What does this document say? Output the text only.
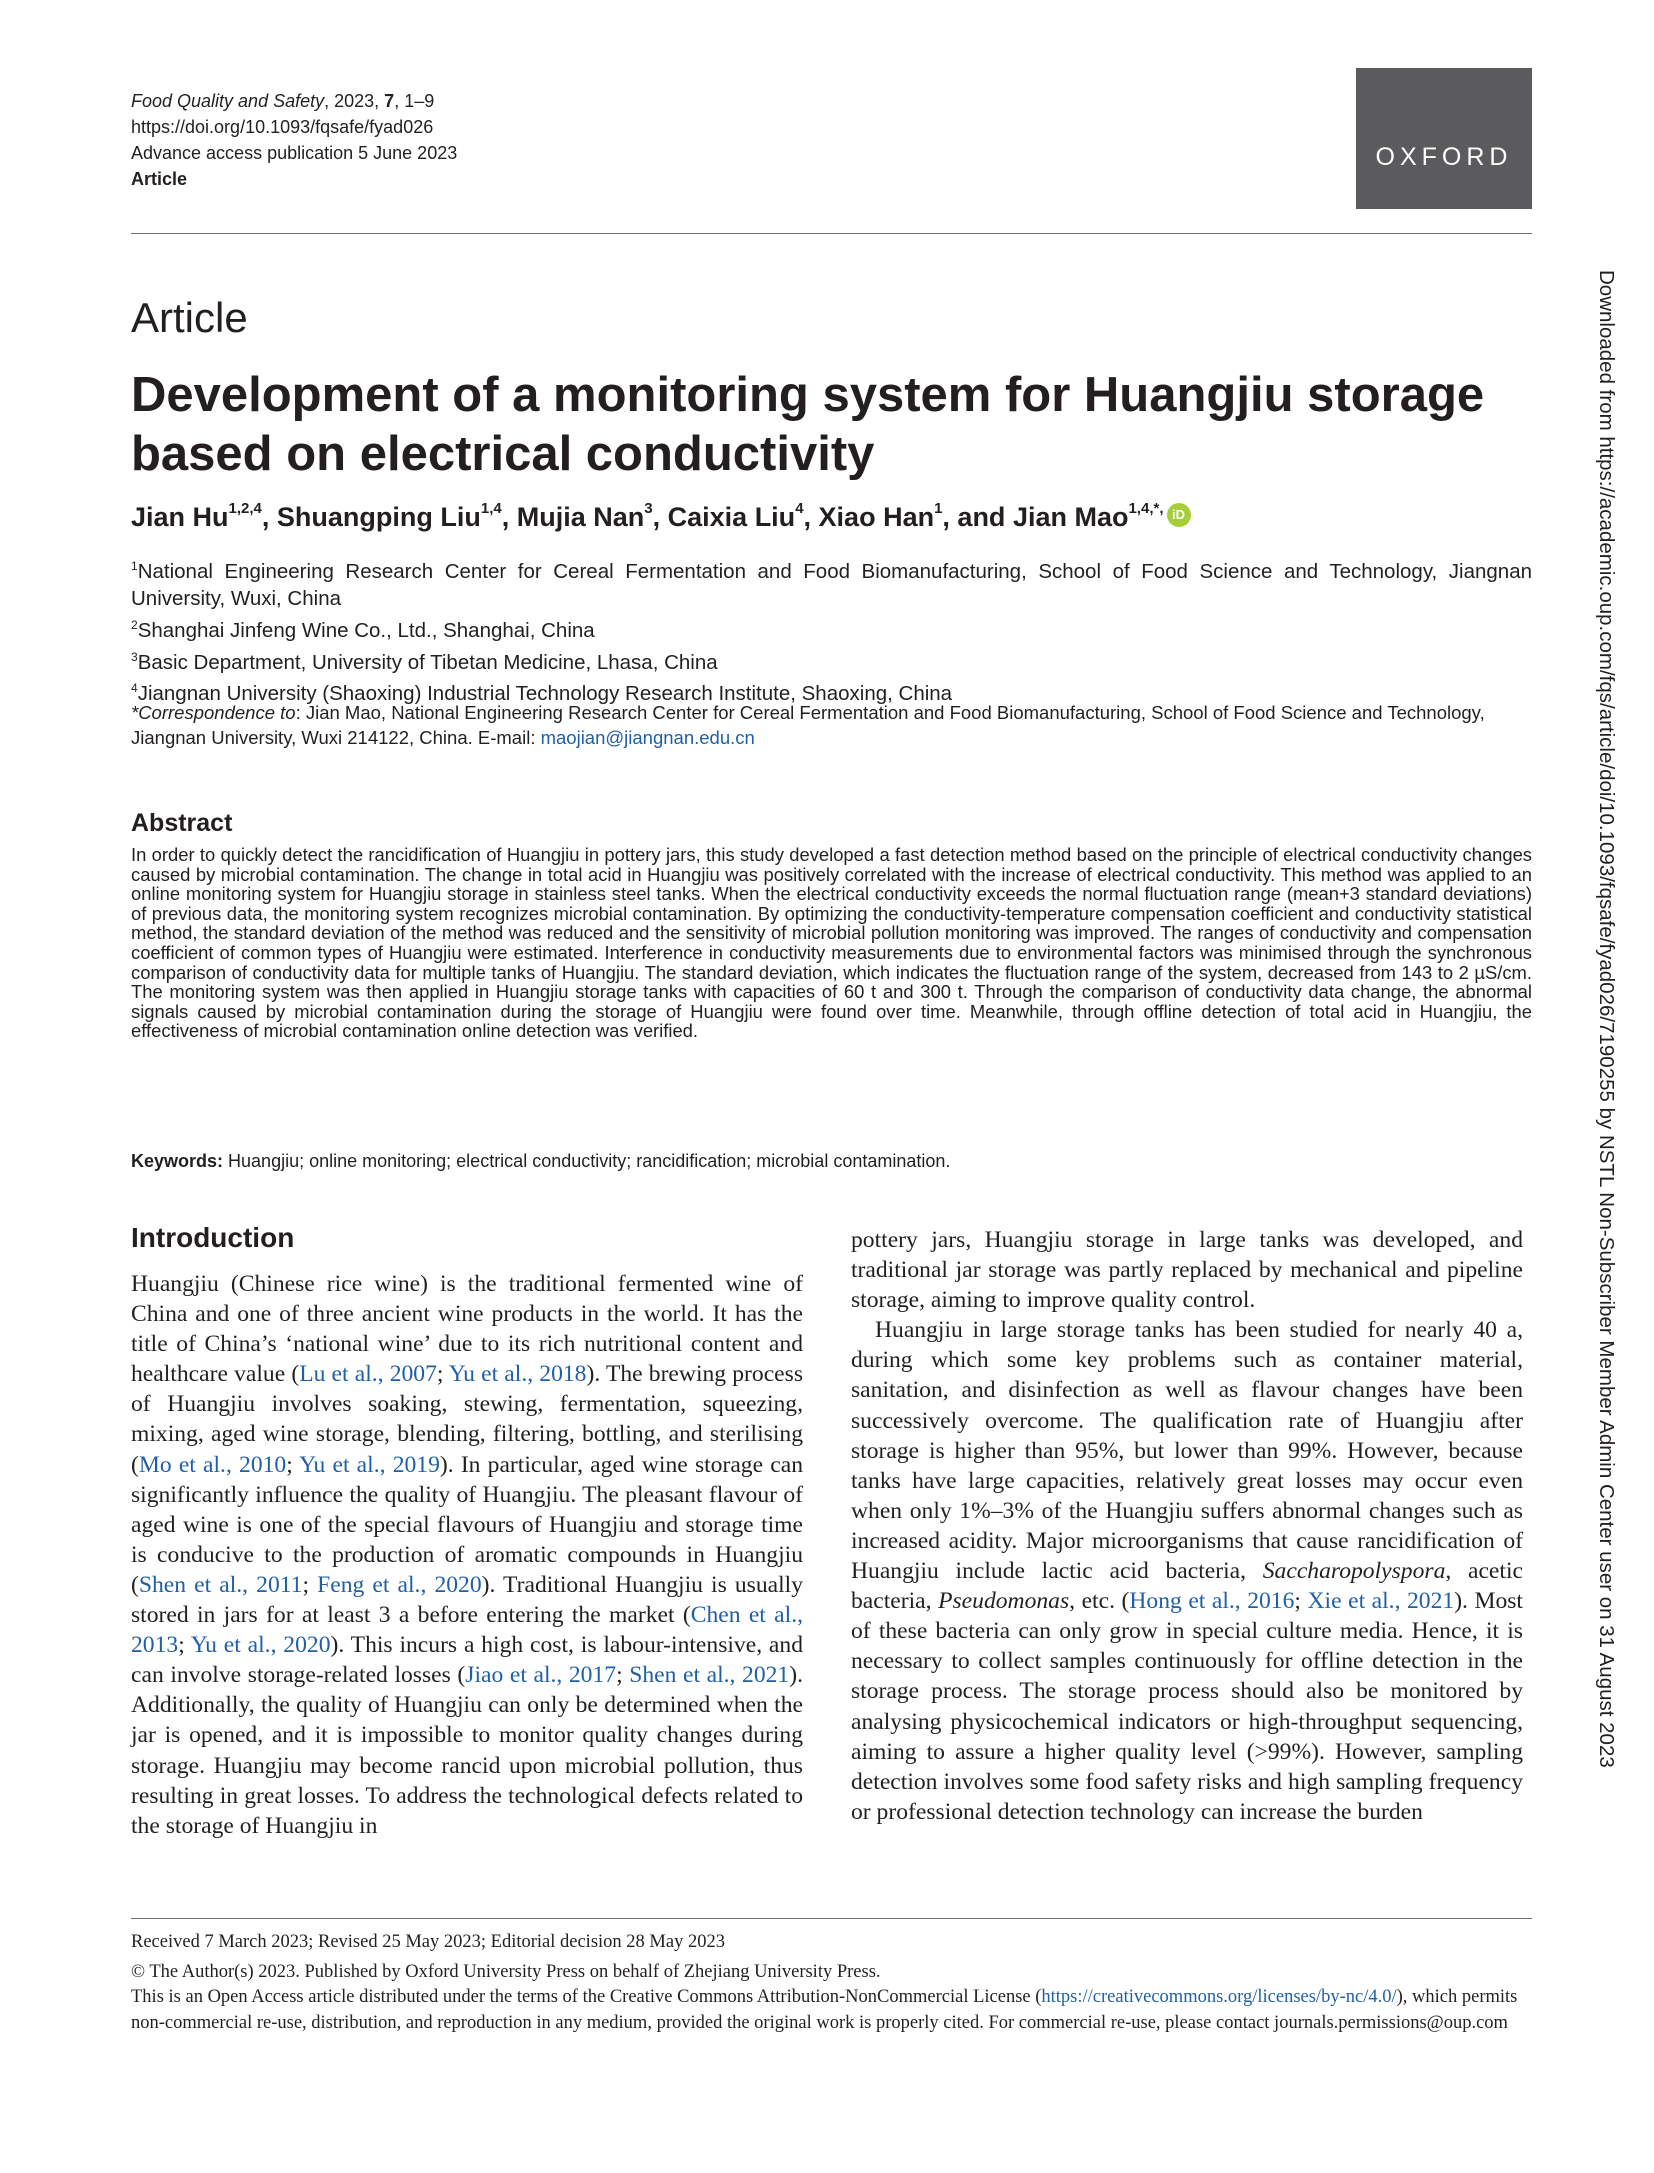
Food Quality and Safety, 2023, 7, 1–9
https://doi.org/10.1093/fqsafe/fyad026
Advance access publication 5 June 2023
Article
OXFORD
Article
Development of a monitoring system for Huangjiu storage based on electrical conductivity
Jian Hu$^{1,2,4}$, Shuangping Liu$^{1,4}$, Mujia Nan$^3$, Caixia Liu$^4$, Xiao Han$^1$, and Jian Mao$^{1,4,*,}$ iD

$^1$National Engineering Research Center for Cereal Fermentation and Food Biomanufacturing, School of Food Science and Technology, Jiangnan University, Wuxi, China

$^2$Shanghai Jinfeng Wine Co., Ltd., Shanghai, China

$^3$Basic Department, University of Tibetan Medicine, Lhasa, China

$^4$Jiangnan University (Shaoxing) Industrial Technology Research Institute, Shaoxing, China

*Correspondence to: Jian Mao, National Engineering Research Center for Cereal Fermentation and Food Biomanufacturing, School of Food Science and Technology, Jiangnan University, Wuxi 214122, China. E-mail: maojian@jiangnan.edu.cn
Abstract

In order to quickly detect the rancidification of Huangjiu in pottery jars, this study developed a fast detection method based on the principle of electrical conductivity changes caused by microbial contamination. The change in total acid in Huangjiu was positively correlated with the increase of electrical conductivity. This method was applied to an online monitoring system for Huangjiu storage in stainless steel tanks. When the electrical conductivity exceeds the normal fluctuation range (mean+3 standard deviations) of previous data, the monitoring system recognizes microbial contamination. By optimizing the conductivity-temperature compensation coefficient and conductivity statistical method, the standard deviation of the method was reduced and the sensitivity of microbial pollution monitoring was improved. The ranges of conductivity and compensation coefficient of common types of Huangjiu were estimated. Interference in conductivity measurements due to environmental factors was minimised through the synchronous comparison of conductivity data for multiple tanks of Huangjiu. The standard deviation, which indicates the fluctuation range of the system, decreased from 143 to 2 µS/cm. The monitoring system was then applied in Huangjiu storage tanks with capacities of 60 t and 300 t. Through the comparison of conductivity data change, the abnormal signals caused by microbial contamination during the storage of Huangjiu were found over time. Meanwhile, through offline detection of total acid in Huangjiu, the effectiveness of microbial contamination online detection was verified.

Keywords: Huangjiu; online monitoring; electrical conductivity; rancidification; microbial contamination.

Introduction

Huangjiu (Chinese rice wine) is the traditional fermented wine of China and one of three ancient wine products in the world. It has the title of China’s ‘national wine’ due to its rich nutritional content and healthcare value (Lu et al., 2007; Yu et al., 2018). The brewing process of Huangjiu involves soaking, stewing, fermentation, squeezing, mixing, aged wine storage, blending, filtering, bottling, and sterilising (Mo et al., 2010; Yu et al., 2019). In particular, aged wine storage can significantly influence the quality of Huangjiu. The pleasant flavour of aged wine is one of the special flavours of Huangjiu and storage time is conducive to the production of aromatic compounds in Huangjiu (Shen et al., 2011; Feng et al., 2020). Traditional Huangjiu is usually stored in jars for at least 3 a before entering the market (Chen et al., 2013; Yu et al., 2020). This incurs a high cost, is labour-intensive, and can involve storage-related losses (Jiao et al., 2017; Shen et al., 2021). Additionally, the quality of Huangjiu can only be determined when the jar is opened, and it is impossible to monitor quality changes during storage. Huangjiu may become rancid upon microbial pollution, thus resulting in great losses. To address the technological defects related to the storage of Huangjiu in

pottery jars, Huangjiu storage in large tanks was developed, and traditional jar storage was partly replaced by mechanical and pipeline storage, aiming to improve quality control.

Huangjiu in large storage tanks has been studied for nearly 40 a, during which some key problems such as container material, sanitation, and disinfection as well as flavour changes have been successively overcome. The qualification rate of Huangjiu after storage is higher than 95%, but lower than 99%. However, because tanks have large capacities, relatively great losses may occur even when only 1%–3% of the Huangjiu suffers abnormal changes such as increased acidity. Major microorganisms that cause rancidification of Huangjiu include lactic acid bacteria, Saccharopolyspora, acetic bacteria, Pseudomonas, etc. (Hong et al., 2016; Xie et al., 2021). Most of these bacteria can only grow in special culture media. Hence, it is necessary to collect samples continuously for offline detection in the storage process. The storage process should also be monitored by analysing physicochemical indicators or high-throughput sequencing, aiming to assure a higher quality level (>99%). However, sampling detection involves some food safety risks and high sampling frequency or professional detection technology can increase the burden

Received 7 March 2023; Revised 25 May 2023; Editorial decision 28 May 2023

© The Author(s) 2023. Published by Oxford University Press on behalf of Zhejiang University Press.

This is an Open Access article distributed under the terms of the Creative Commons Attribution-NonCommercial License (https://creativecommons.org/licenses/by-nc/4.0/), which permits non-commercial re-use, distribution, and reproduction in any medium, provided the original work is properly cited. For commercial re-use, please contact journals.permissions@oup.com

Downloaded from https://academic.oup.com/fqs/article/doi/10.1093/fqsafe/fyad026/7190255 by NSTL Non-Subscriber Member Admin Center user on 31 August 2023
